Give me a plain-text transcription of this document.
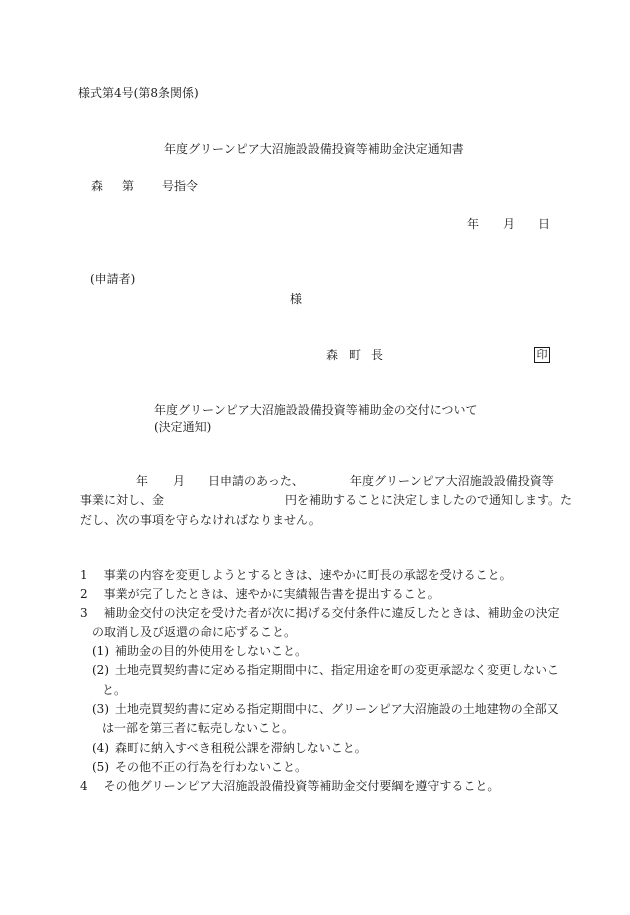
様式第4号(第8条関係)
年度グリーンピア大沼施設設備投資等補助金決定通知書
森 第 号指令
年 月 日
(申請者)
様
森 町 長	印
年度グリーンピア大沼施設設備投資等補助金の交付について
(決定通知)
年 月 日申請のあった、	年度グリーンピア大沼施設設備投資等
事業に対し、金	円を補助することに決定しましたので通知します。た
だし、次の事項を守らなければなりません。
1 事業の内容を変更しようとするときは、速やかに町長の承認を受けること。
2 事業が完了したときは、速やかに実績報告書を提出すること。
3 補助金交付の決定を受けた者が次に掲げる交付条件に違反したときは、補助金の決定
の取消し及び返還の命に応ずること。
(1) 補助金の目的外使用をしないこと。
(2) 土地売買契約書に定める指定期間中に、指定用途を町の変更承認なく変更しないこ
と。
(3) 土地売買契約書に定める指定期間中に、グリーンピア大沼施設の土地建物の全部又
は一部を第三者に転売しないこと。
(4) 森町に納入すべき租税公課を滞納しないこと。
(5) その他不正の行為を行わないこと。
4 その他グリーンピア大沼施設設備投資等補助金交付要綱を遵守すること。
